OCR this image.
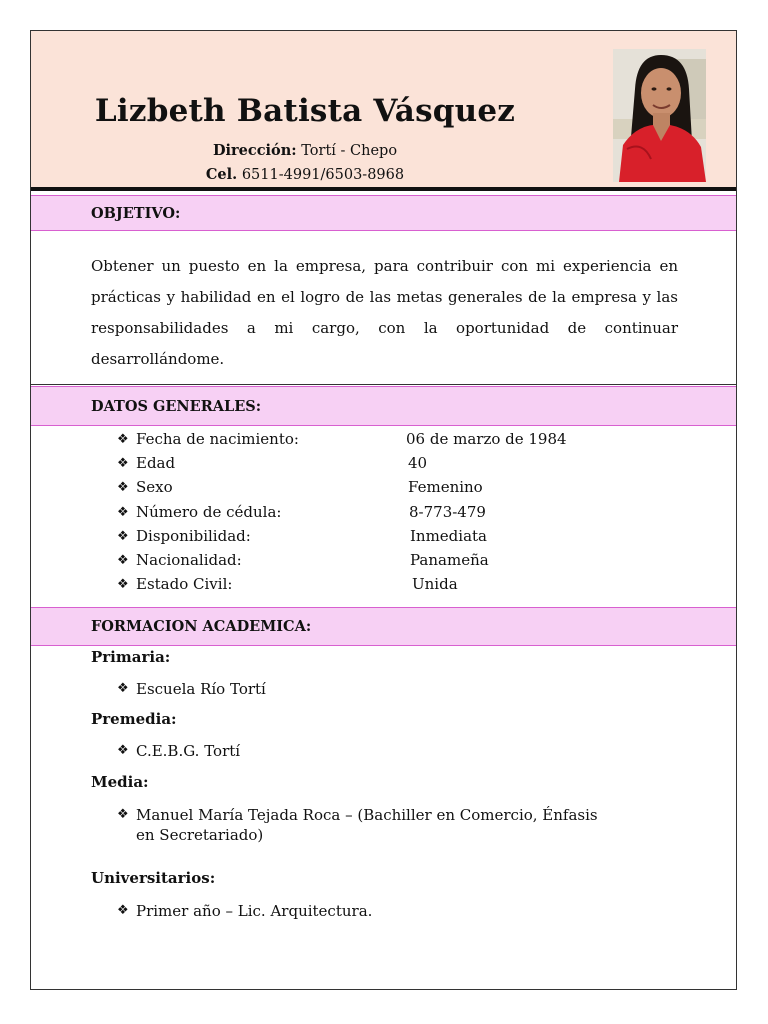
Lizbeth Batista Vásquez
Dirección: Tortí - Chepo
Cel. 6511-4991/6503-8968
OBJETIVO:
Obtener un puesto en la empresa, para contribuir con mi experiencia en prácticas y habilidad en el logro de las metas generales de la empresa y las responsabilidades a mi cargo, con la oportunidad de continuar desarrollándome.
DATOS GENERALES:
❖ Fecha de nacimiento:	06 de marzo de 1984
❖ Edad	40
❖ Sexo	Femenino
❖ Número de cédula:	8-773-479
❖ Disponibilidad:	Inmediata
❖ Nacionalidad:	Panameña
❖ Estado Civil:	Unida
FORMACION ACADEMICA:
Primaria:
❖ Escuela Río Tortí
Premedia:
❖ C.E.B.G. Tortí
Media:
❖ Manuel María Tejada Roca – (Bachiller en Comercio, Énfasis en Secretariado)
Universitarios:
❖ Primer año – Lic. Arquitectura.
